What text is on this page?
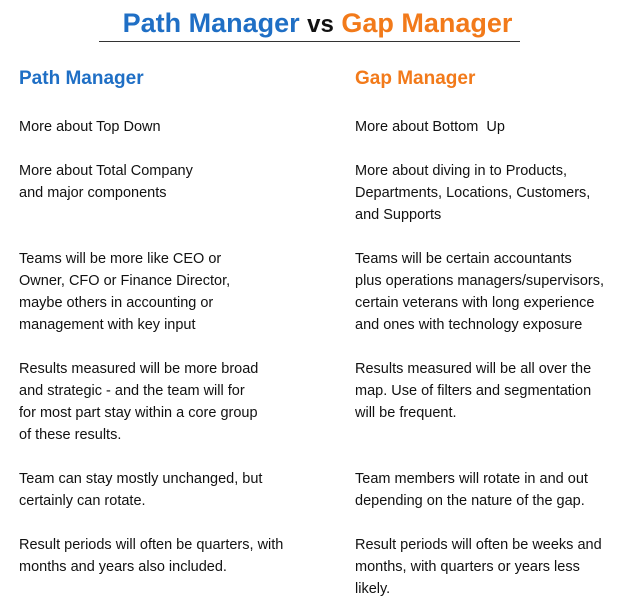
Path Manager vs Gap Manager
Path Manager
More about Top Down
More about Total Company
and major components
Teams will be more like CEO or
Owner, CFO or Finance Director,
maybe others in accounting or
management with key input
Results measured will be more broad
and strategic - and the team will for
for most part stay within a core group
of these results.
Team can stay mostly unchanged, but
certainly can rotate.
Result periods will often be quarters, with
months and years also included.
Gap Manager
More about Bottom  Up
More about diving in to Products,
Departments, Locations, Customers,
and Supports
Teams will be certain accountants
plus operations managers/supervisors,
certain veterans with long experience
and ones with technology exposure
Results measured will be all over the
map. Use of filters and segmentation
will be frequent.
Team members will rotate in and out
depending on the nature of the gap.
Result periods will often be weeks and
months, with quarters or years less
likely.
